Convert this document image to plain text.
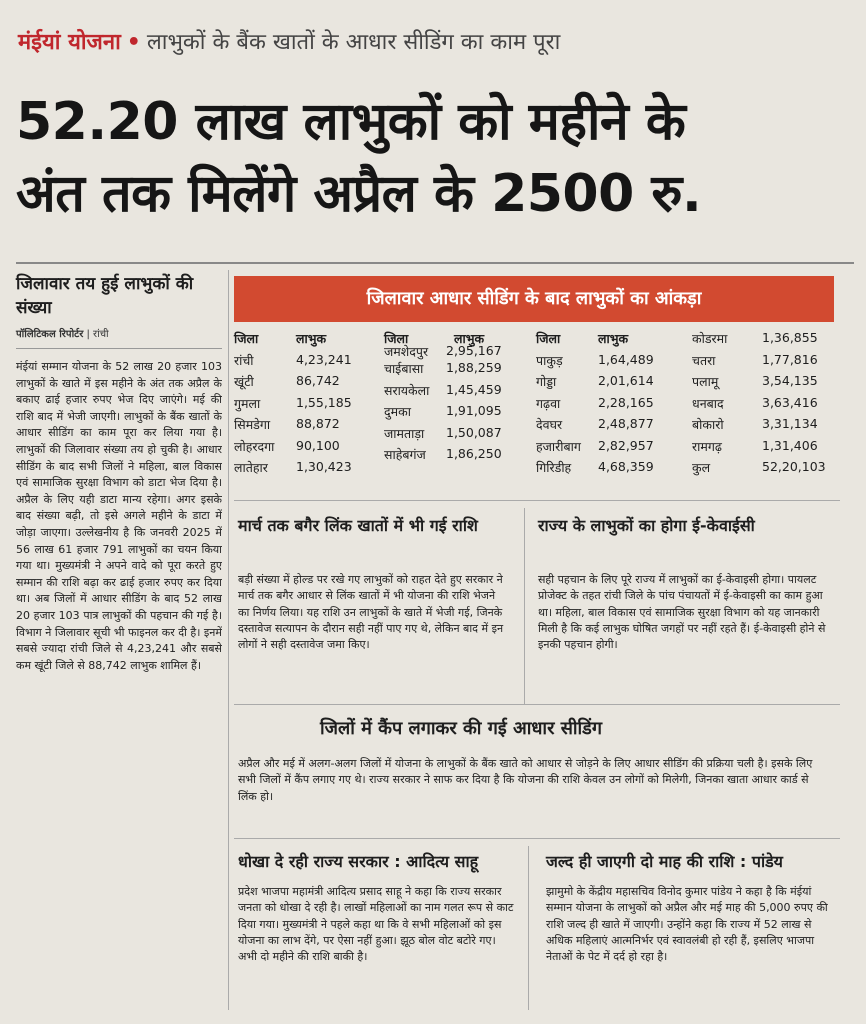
मंईयां योजना • लाभुकों के बैंक खातों के आधार सीडिंग का काम पूरा
52.20 लाख लाभुकों को महीने के
अंत तक मिलेंगे अप्रैल के 2500 रु.
जिलावार तय हुई लाभुकों की संख्या
पॉलिटिकल रिपोर्टर | रांची
मंईयां सम्मान योजना के 52 लाख 20 हजार 103 लाभुकों के खाते में इस महीने के अंत तक अप्रैल के बकाए ढाई हजार रुपए भेज दिए जाएंगे। मई की राशि बाद में भेजी जाएगी। लाभुकों के बैंक खातों के आधार सीडिंग का काम पूरा कर लिया गया है। लाभुकों की जिलावार संख्या तय हो चुकी है। आधार सीडिंग के बाद सभी जिलों ने महिला, बाल विकास एवं सामाजिक सुरक्षा विभाग को डाटा भेज दिया है। अप्रैल के लिए यही डाटा मान्य रहेगा। अगर इसके बाद संख्या बढ़ी, तो इसे अगले महीने के डाटा में जोड़ा जाएगा। उल्लेखनीय है कि जनवरी 2025 में 56 लाख 61 हजार 791 लाभुकों का चयन किया गया था। मुख्यमंत्री ने अपने वादे को पूरा करते हुए सम्मान की राशि बढ़ा कर ढाई हजार रुपए कर दिया था। अब जिलों में आधार सीडिंग के बाद 52 लाख 20 हजार 103 पात्र लाभुकों की पहचान की गई है। विभाग ने जिलावार सूची भी फाइनल कर दी है। इनमें सबसे ज्यादा रांची जिले से 4,23,241 और सबसे कम खूंटी जिले से 88,742 लाभुक शामिल हैं।
जिलावार आधार सीडिंग के बाद लाभुकों का आंकड़ा
जिला	लाभुक
रांची	4,23,241
खूंटी	86,742
गुमला	1,55,185
सिमडेगा	88,872
लोहरदगा	90,100
लातेहार	1,30,423
जिला	लाभुक
जमशेदपुर	2,95,167
चाईबासा	1,88,259
सरायकेला	1,45,459
दुमका	1,91,095
जामताड़ा	1,50,087
साहेबगंज	1,86,250
जिला	लाभुक
पाकुड़	1,64,489
गोड्डा	2,01,614
गढ़वा	2,28,165
देवघर	2,48,877
हजारीबाग	2,82,957
गिरिडीह	4,68,359
कोडरमा	1,36,855
चतरा	1,77,816
पलामू	3,54,135
धनबाद	3,63,416
बोकारो	3,31,134
रामगढ़	1,31,406
कुल	52,20,103
मार्च तक बगैर लिंक खातों में भी गई राशि
बड़ी संख्या में होल्ड पर रखे गए लाभुकों को राहत देते हुए सरकार ने मार्च तक बगैर आधार से लिंक खातों में भी योजना की राशि भेजने का निर्णय लिया। यह राशि उन लाभुकों के खाते में भेजी गई, जिनके दस्तावेज सत्यापन के दौरान सही नहीं पाए गए थे, लेकिन बाद में इन लोगों ने सही दस्तावेज जमा किए।
राज्य के लाभुकों का होगा ई-केवाईसी
सही पहचान के लिए पूरे राज्य में लाभुकों का ई-केवाइसी होगा। पायलट प्रोजेक्ट के तहत रांची जिले के पांच पंचायतों में ई-केवाइसी का काम हुआ था। महिला, बाल विकास एवं सामाजिक सुरक्षा विभाग को यह जानकारी मिली है कि कई लाभुक घोषित जगहों पर नहीं रहते हैं। ई-केवाइसी होने से इनकी पहचान होगी।
जिलों में कैंप लगाकर की गई आधार सीडिंग
अप्रैल और मई में अलग-अलग जिलों में योजना के लाभुकों के बैंक खाते को आधार से जोड़ने के लिए आधार सीडिंग की प्रक्रिया चली है। इसके लिए सभी जिलों में कैंप लगाए गए थे। राज्य सरकार ने साफ कर दिया है कि योजना की राशि केवल उन लोगों को मिलेगी, जिनका खाता आधार कार्ड से लिंक हो।
धोखा दे रही राज्य सरकार : आदित्य साहू
प्रदेश भाजपा महामंत्री आदित्य प्रसाद साहू ने कहा कि राज्य सरकार जनता को धोखा दे रही है। लाखों महिलाओं का नाम गलत रूप से काट दिया गया। मुख्यमंत्री ने पहले कहा था कि वे सभी महिलाओं को इस योजना का लाभ देंगे, पर ऐसा नहीं हुआ। झूठ बोल वोट बटोरे गए। अभी दो महीने की राशि बाकी है।
जल्द ही जाएगी दो माह की राशि : पांडेय
झामुमो के केंद्रीय महासचिव विनोद कुमार पांडेय ने कहा है कि मंईयां सम्मान योजना के लाभुकों को अप्रैल और मई माह की 5,000 रुपए की राशि जल्द ही खाते में जाएगी। उन्होंने कहा कि राज्य में 52 लाख से अधिक महिलाएं आत्मनिर्भर एवं स्वावलंबी हो रही हैं, इसलिए भाजपा नेताओं के पेट में दर्द हो रहा है।
